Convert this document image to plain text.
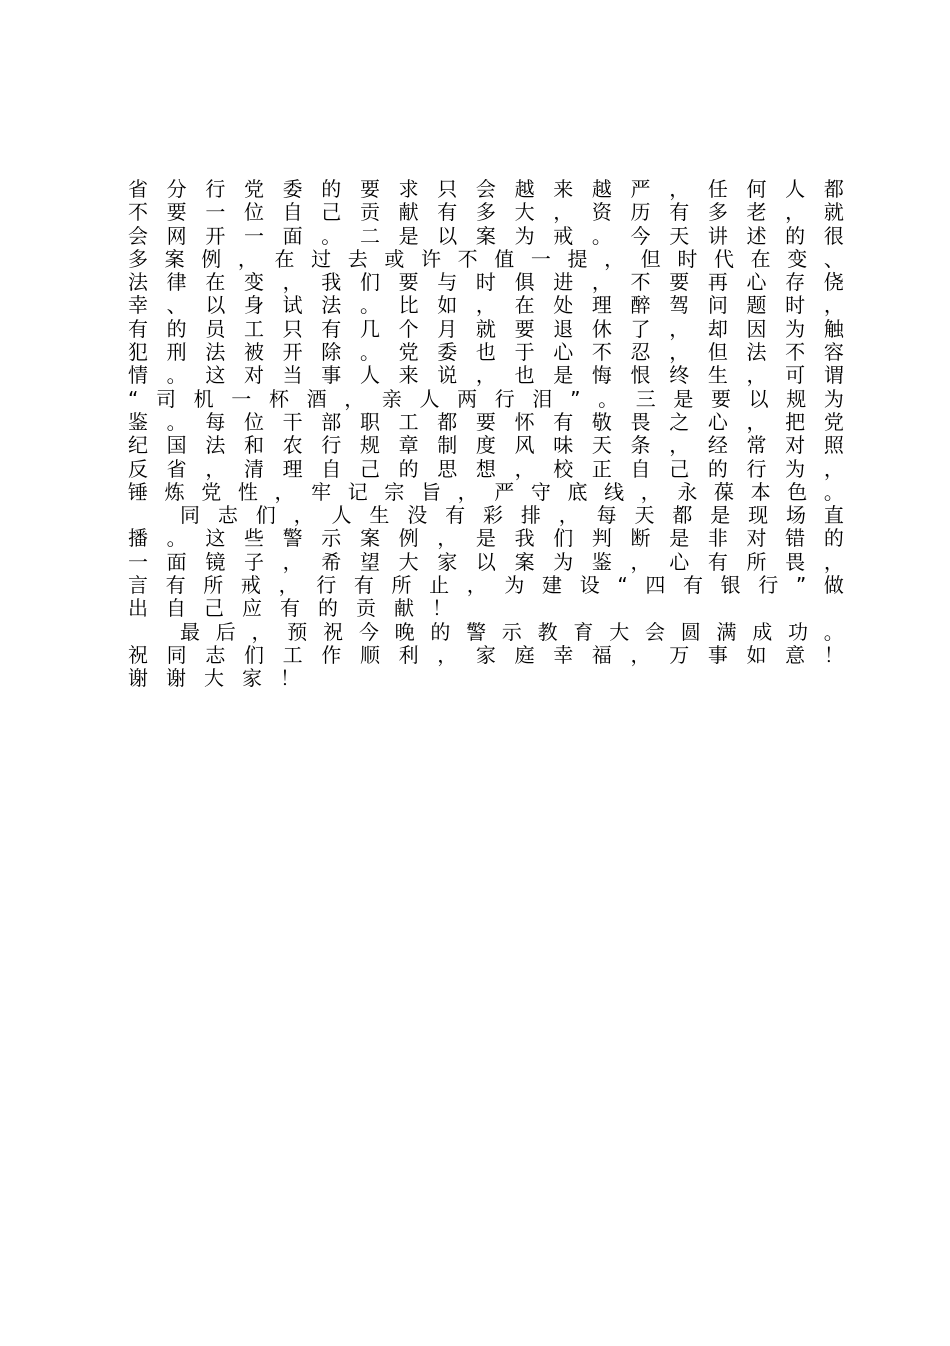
省 分 行 党 委 的 要 求 只 会 越 来 越 严 ， 任 何 人 都
不 要 一 位 自 己 贡 献 有 多 大 ， 资 历 有 多 老 ， 就
会 网 开 一 面 。 二 是 以 案 为 戒 。 今 天 讲 述 的 很
多 案 例 ， 在 过 去 或 许 不 值 一 提 ， 但 时 代 在 变 、
法 律 在 变 ， 我 们 要 与 时 俱 进 ， 不 要 再 心 存 侥
幸 、 以 身 试 法 。 比 如 ， 在 处 理 醉 驾 问 题 时 ，
有 的 员 工 只 有 几 个 月 就 要 退 休 了 ， 却 因 为 触
犯 刑 法 被 开 除 。 党 委 也 于 心 不 忍 ， 但 法 不 容
情 。 这 对 当 事 人 来 说 ， 也 是 悔 恨 终 生 ， 可 谓
“ 司 机 一 杯 酒 ， 亲 人 两 行 泪 ” 。 三 是 要 以 规 为
鉴 。 每 位 干 部 职 工 都 要 怀 有 敬 畏 之 心 ， 把 党
纪 国 法 和 农 行 规 章 制 度 风 味 天 条 ， 经 常 对 照
反 省 ， 清 理 自 己 的 思 想 ， 校 正 自 己 的 行 为 ，
锤 炼 党 性 ， 牢 记 宗 旨 ， 严 守 底 线 ， 永 葆 本 色 。
同 志 们 ， 人 生 没 有 彩 排 ， 每 天 都 是 现 场 直
播 。 这 些 警 示 案 例 ， 是 我 们 判 断 是 非 对 错 的
一 面 镜 子 ， 希 望 大 家 以 案 为 鉴 ， 心 有 所 畏 ，
言 有 所 戒 ， 行 有 所 止 ， 为 建 设 “ 四 有 银 行 ” 做
出 自 己 应 有 的 贡 献 ！
最 后 ， 预 祝 今 晚 的 警 示 教 育 大 会 圆 满 成 功 。
祝 同 志 们 工 作 顺 利 ， 家 庭 幸 福 ， 万 事 如 意 ！
谢 谢 大 家 ！
